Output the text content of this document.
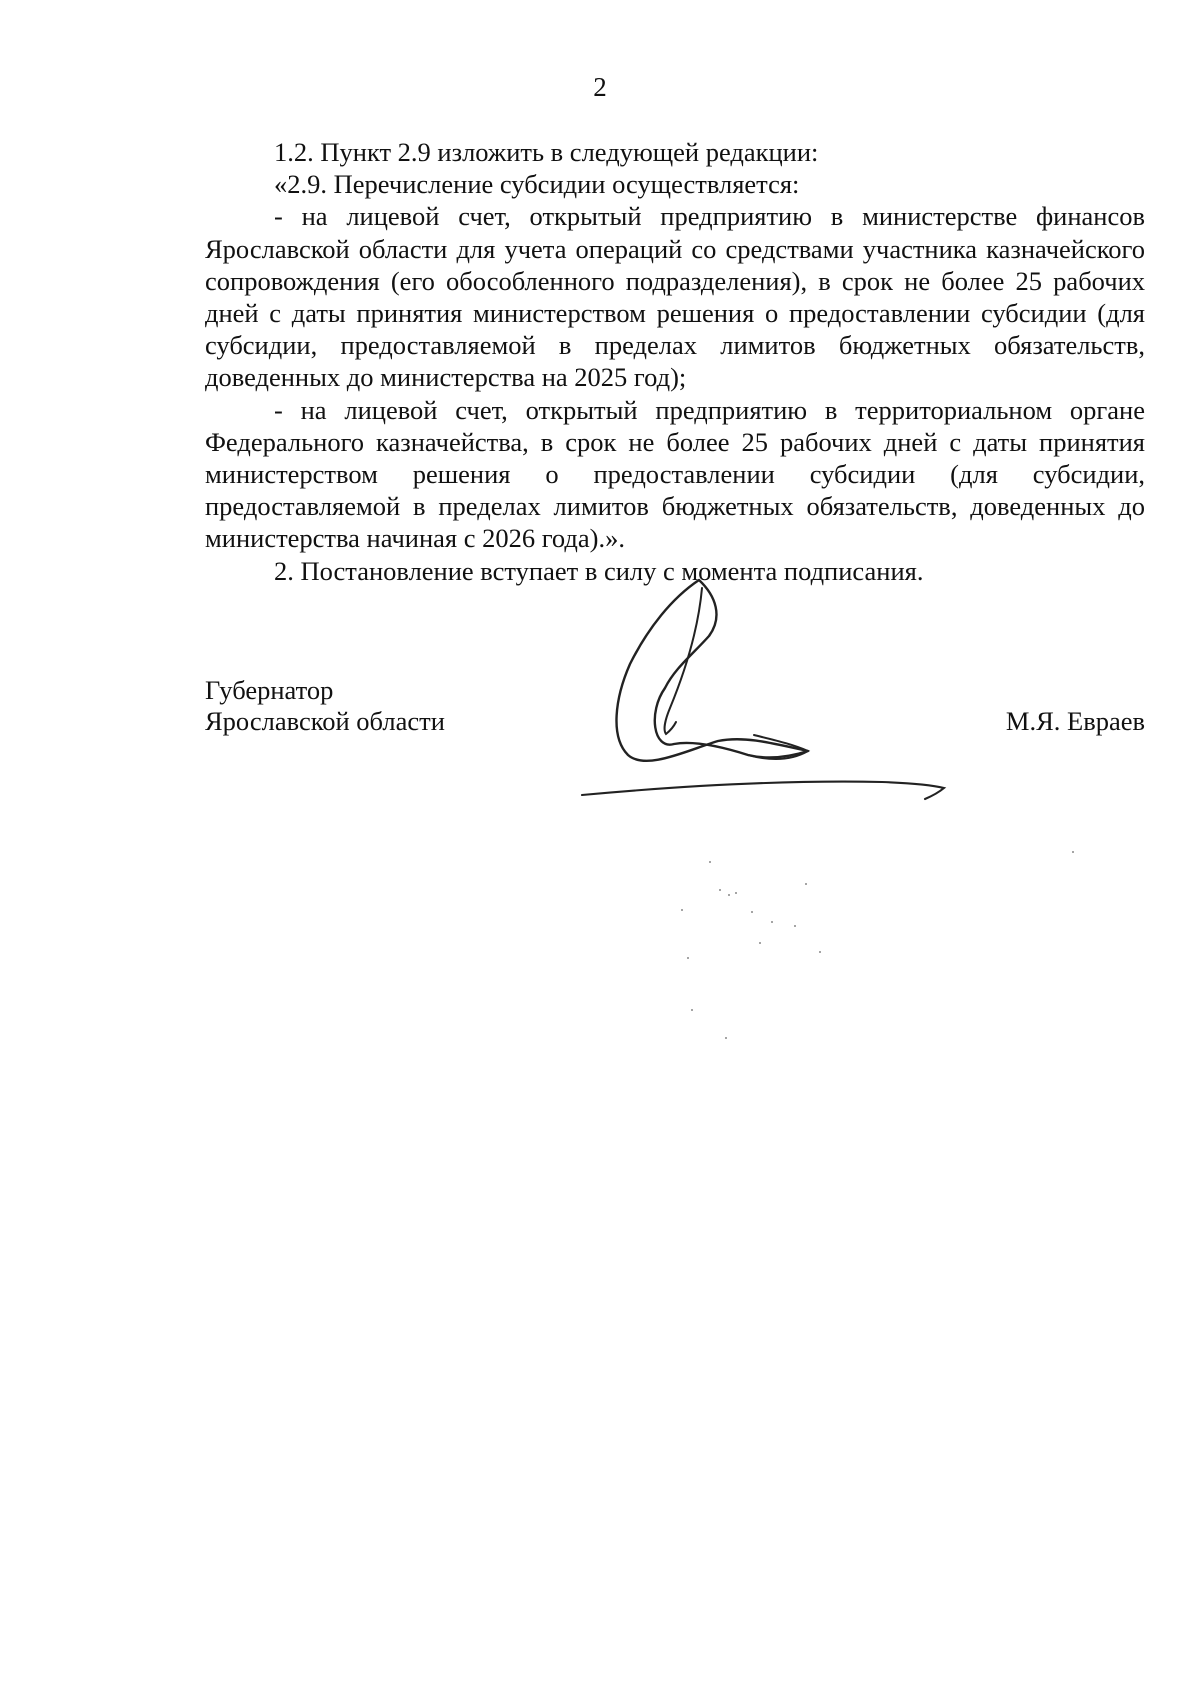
2

1.2. Пункт 2.9 изложить в следующей редакции:

«2.9. Перечисление субсидии осуществляется:

- на лицевой счет, открытый предприятию в министерстве финансов Ярославской области для учета операций со средствами участника казначейского сопровождения (его обособленного подразделения), в срок не более 25 рабочих дней с даты принятия министерством решения о предоставлении субсидии (для субсидии, предоставляемой в пределах лимитов бюджетных обязательств, доведенных до министерства на 2025 год);

- на лицевой счет, открытый предприятию в территориальном органе Федерального казначейства, в срок не более 25 рабочих дней с даты принятия министерством решения о предоставлении субсидии (для субсидии, предоставляемой в пределах лимитов бюджетных обязательств, доведенных до министерства начиная с 2026 года).».

2. Постановление вступает в силу с момента подписания.

Губернатор
Ярославской области	М.Я. Евраев
